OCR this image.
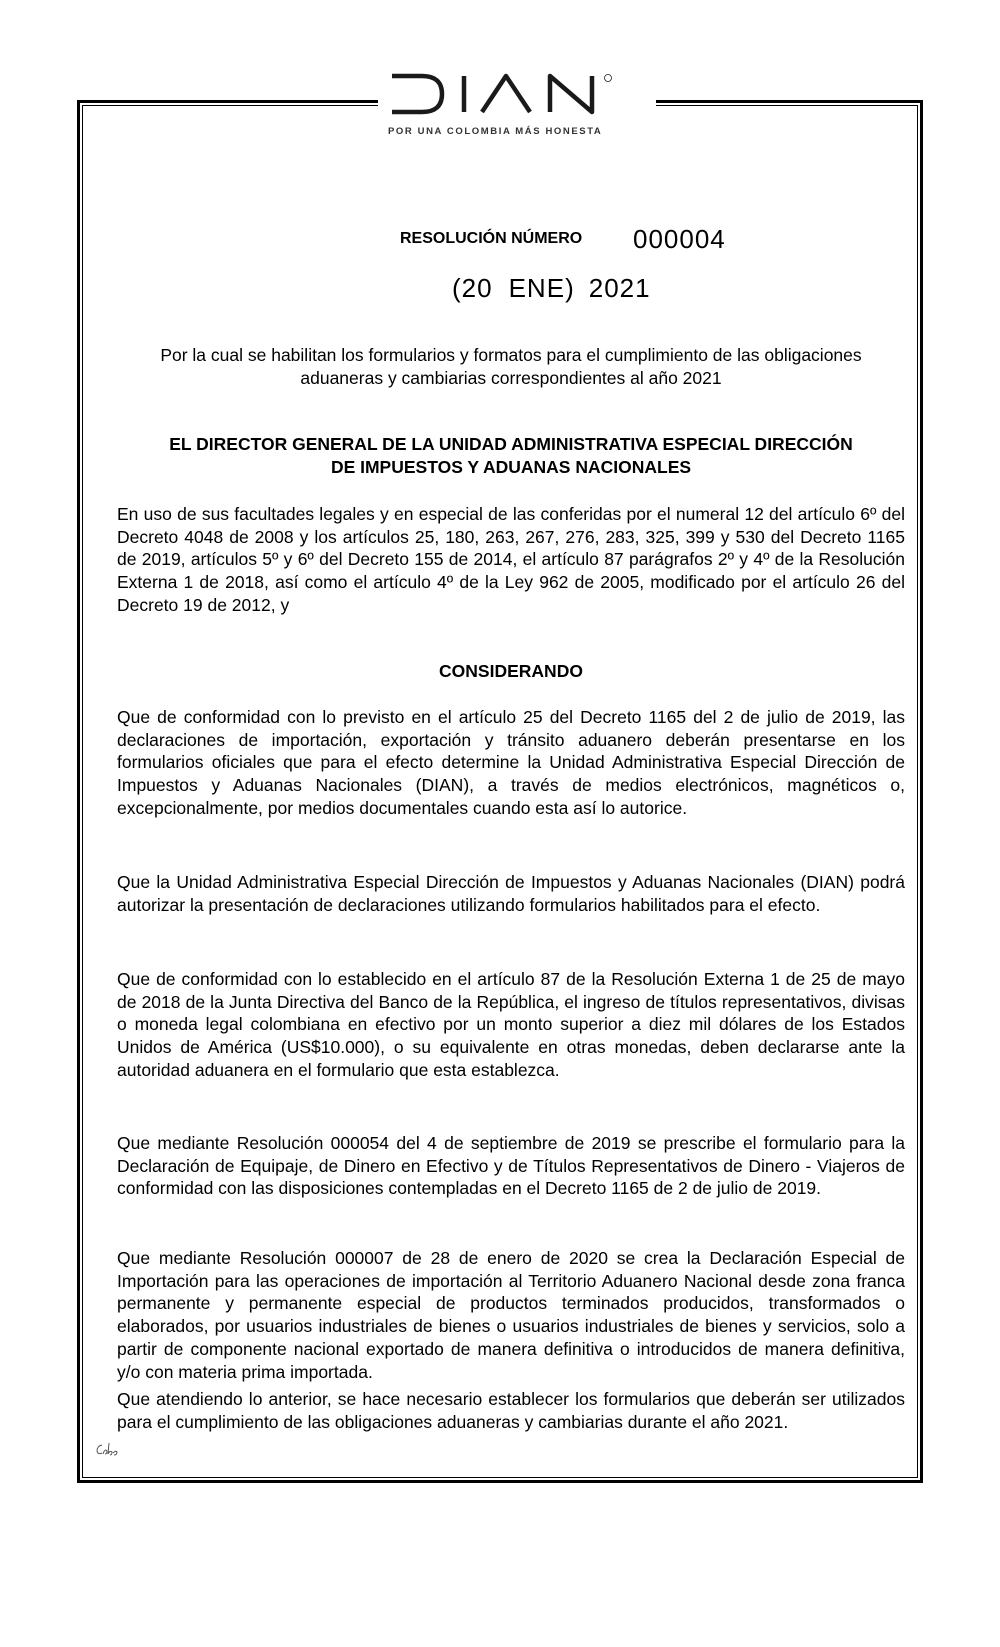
POR UNA COLOMBIA MÁS HONESTA
RESOLUCIÓN NÚMERO 000004
(20 ENE) 2021
Por la cual se habilitan los formularios y formatos para el cumplimiento de las obligaciones
aduaneras y cambiarias correspondientes al año 2021
EL DIRECTOR GENERAL DE LA UNIDAD ADMINISTRATIVA ESPECIAL DIRECCIÓN
DE IMPUESTOS Y ADUANAS NACIONALES

En uso de sus facultades legales y en especial de las conferidas por el numeral 12 del artículo 6º del Decreto 4048 de 2008 y los artículos 25, 180, 263, 267, 276, 283, 325, 399 y 530 del Decreto 1165 de 2019, artículos 5º y 6º del Decreto 155 de 2014, el artículo 87 parágrafos 2º y 4º de la Resolución Externa 1 de 2018, así como el artículo 4º de la Ley 962 de 2005, modificado por el artículo 26 del Decreto 19 de 2012, y

CONSIDERANDO

Que de conformidad con lo previsto en el artículo 25 del Decreto 1165 del 2 de julio de 2019, las declaraciones de importación, exportación y tránsito aduanero deberán presentarse en los formularios oficiales que para el efecto determine la Unidad Administrativa Especial Dirección de Impuestos y Aduanas Nacionales (DIAN), a través de medios electrónicos, magnéticos o, excepcionalmente, por medios documentales cuando esta así lo autorice.

Que la Unidad Administrativa Especial Dirección de Impuestos y Aduanas Nacionales (DIAN) podrá autorizar la presentación de declaraciones utilizando formularios habilitados para el efecto.

Que de conformidad con lo establecido en el artículo 87 de la Resolución Externa 1 de 25 de mayo de 2018 de la Junta Directiva del Banco de la República, el ingreso de títulos representativos, divisas o moneda legal colombiana en efectivo por un monto superior a diez mil dólares de los Estados Unidos de América (US$10.000), o su equivalente en otras monedas, deben declararse ante la autoridad aduanera en el formulario que esta establezca.

Que mediante Resolución 000054 del 4 de septiembre de 2019 se prescribe el formulario para la Declaración de Equipaje, de Dinero en Efectivo y de Títulos Representativos de Dinero - Viajeros de conformidad con las disposiciones contempladas en el Decreto 1165 de 2 de julio de 2019.

Que mediante Resolución 000007 de 28 de enero de 2020 se crea la Declaración Especial de Importación para las operaciones de importación al Territorio Aduanero Nacional desde zona franca permanente y permanente especial de productos terminados producidos, transformados o elaborados, por usuarios industriales de bienes o usuarios industriales de bienes y servicios, solo a partir de componente nacional exportado de manera definitiva o introducidos de manera definitiva, y/o con materia prima importada.

Que atendiendo lo anterior, se hace necesario establecer los formularios que deberán ser utilizados para el cumplimiento de las obligaciones aduaneras y cambiarias durante el año 2021.
